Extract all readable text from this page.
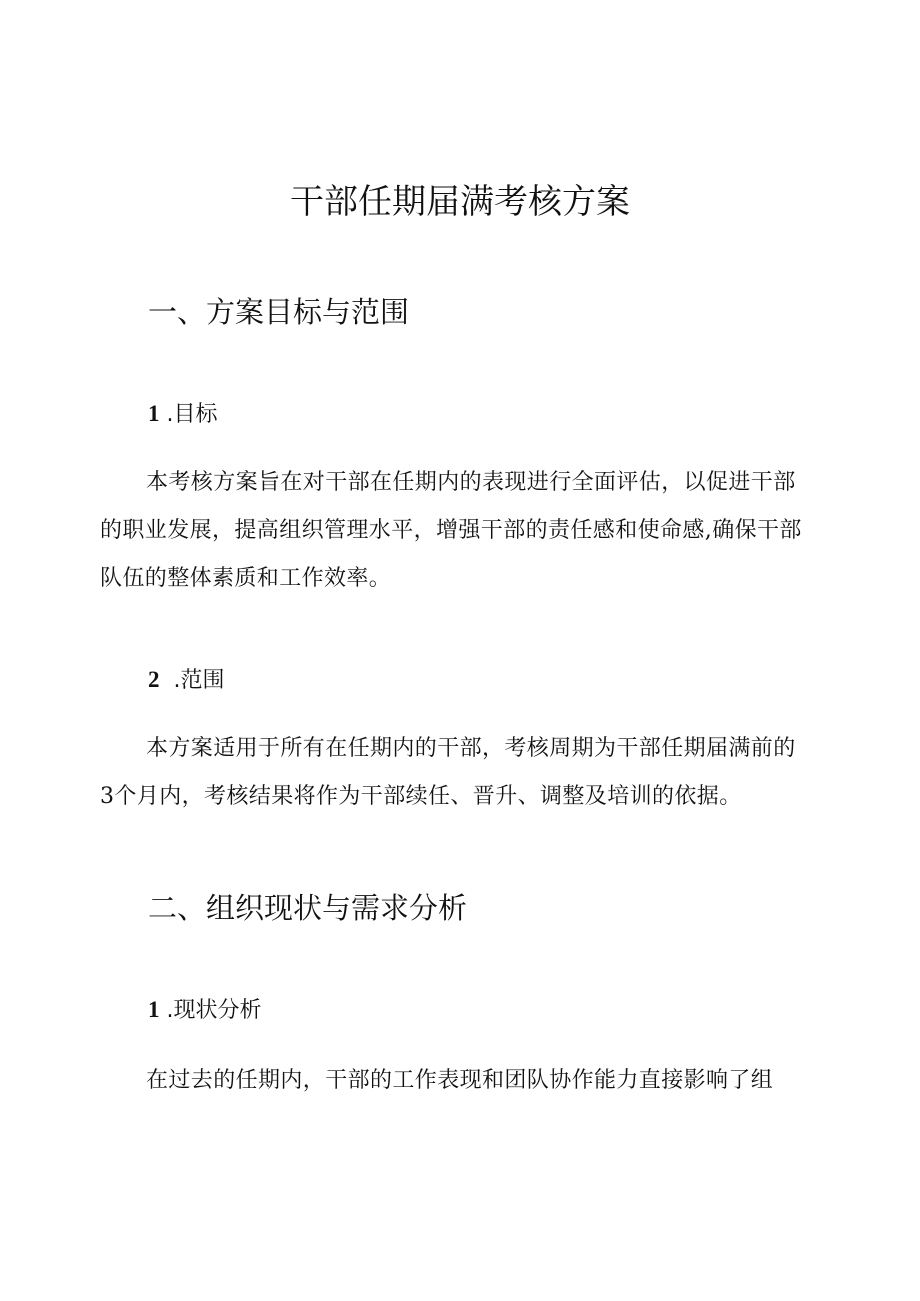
干部任期届满考核方案
一、方案目标与范围
1 .目标

本考核方案旨在对干部在任期内的表现进行全面评估，以促进干部的职业发展，提高组织管理水平，增强干部的责任感和使命感,确保干部队伍的整体素质和工作效率。

2 .范围

本方案适用于所有在任期内的干部，考核周期为干部任期届满前的3个月内，考核结果将作为干部续任、晋升、调整及培训的依据。

二、组织现状与需求分析
1 .现状分析

在过去的任期内，干部的工作表现和团队协作能力直接影响了组
